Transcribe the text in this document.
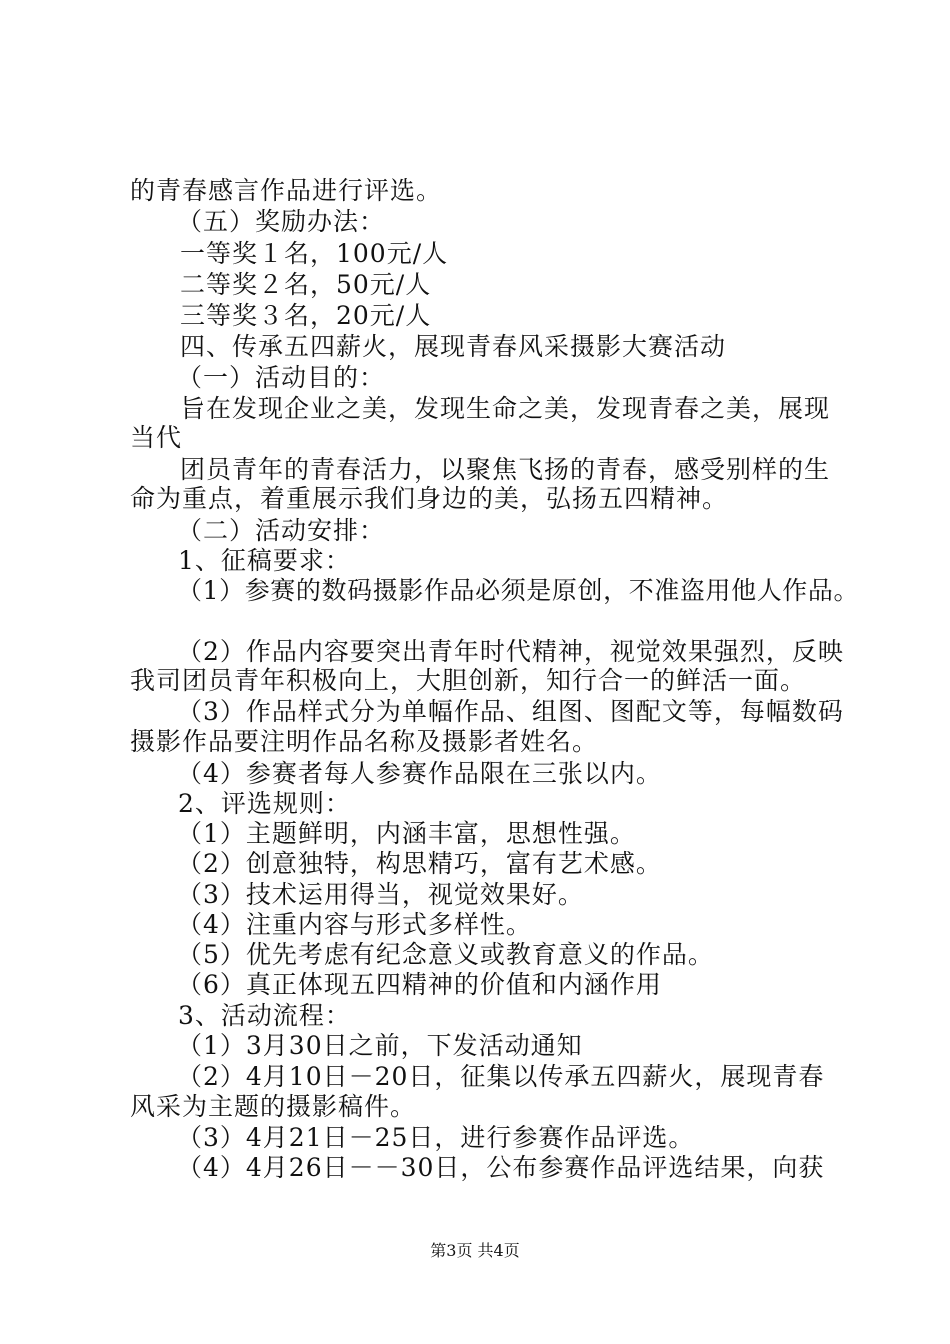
的青春感言作品进行评选。
（五）奖励办法：
一等奖１名，100元/人
二等奖２名，50元/人
三等奖３名，20元/人
四、传承五四薪火，展现青春风采摄影大赛活动
（一）活动目的：
旨在发现企业之美，发现生命之美，发现青春之美，展现
当代
团员青年的青春活力，以聚焦飞扬的青春，感受别样的生
命为重点，着重展示我们身边的美，弘扬五四精神。
（二）活动安排：
1、征稿要求：
（1）参赛的数码摄影作品必须是原创，不准盗用他人作品。
（2）作品内容要突出青年时代精神，视觉效果强烈，反映
我司团员青年积极向上，大胆创新，知行合一的鲜活一面。
（3）作品样式分为单幅作品、组图、图配文等，每幅数码
摄影作品要注明作品名称及摄影者姓名。
（4）参赛者每人参赛作品限在三张以内。
2、评选规则：
（1）主题鲜明，内涵丰富，思想性强。
（2）创意独特，构思精巧，富有艺术感。
（3）技术运用得当，视觉效果好。
（4）注重内容与形式多样性。
（5）优先考虑有纪念意义或教育意义的作品。
（6）真正体现五四精神的价值和内涵作用
3、活动流程：
（1）3月30日之前，下发活动通知
（2）4月10日－20日，征集以传承五四薪火，展现青春
风采为主题的摄影稿件。
（3）4月21日－25日，进行参赛作品评选。
（4）4月26日－－30日，公布参赛作品评选结果，向获
第3页 共4页
